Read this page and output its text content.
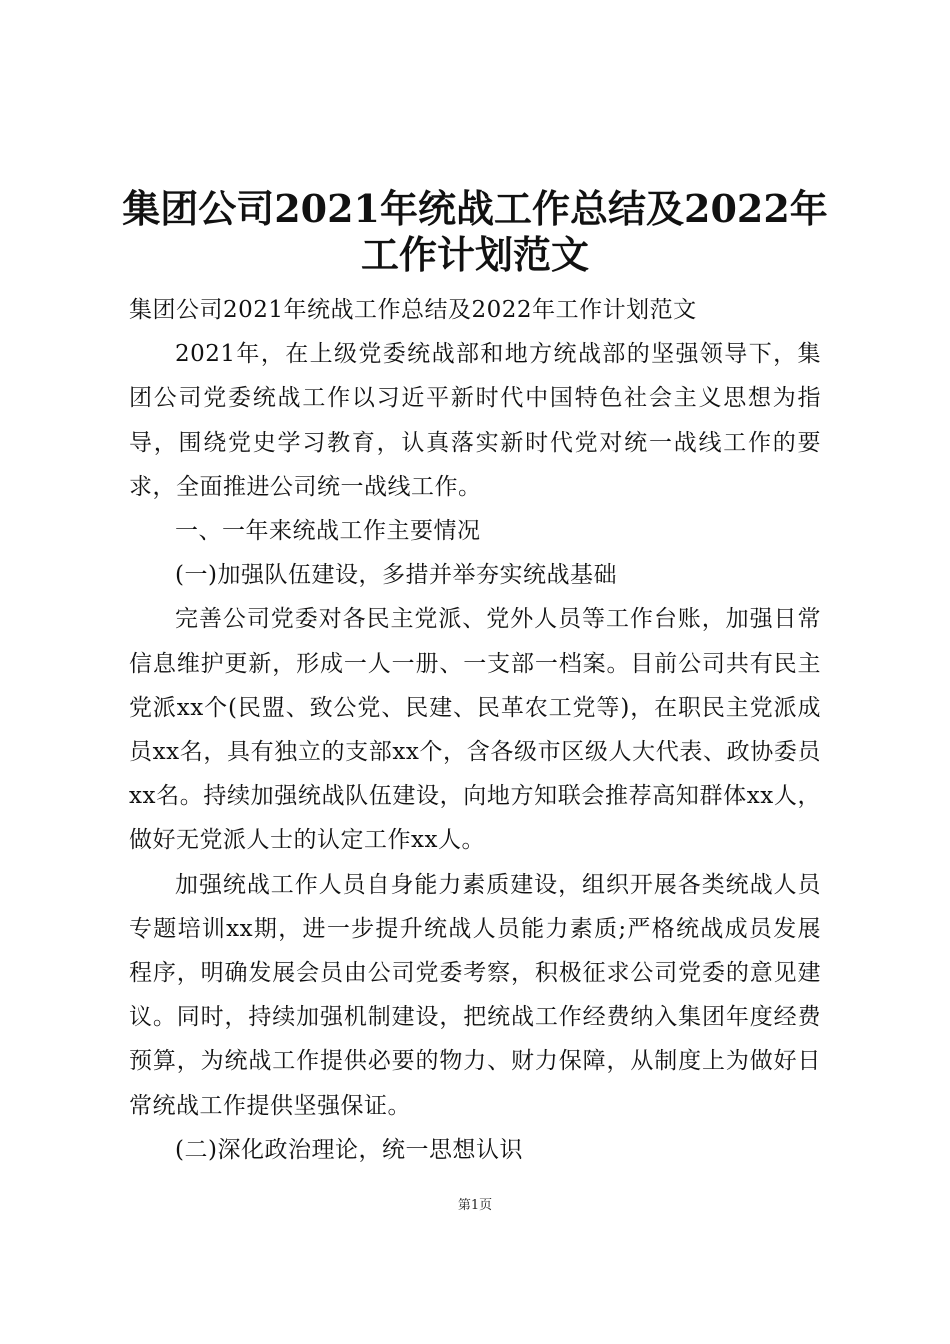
集团公司2021年统战工作总结及2022年工作计划范文

集团公司2021年统战工作总结及2022年工作计划范文

2021年，在上级党委统战部和地方统战部的坚强领导下，集团公司党委统战工作以习近平新时代中国特色社会主义思想为指导，围绕党史学习教育，认真落实新时代党对统一战线工作的要求，全面推进公司统一战线工作。

一、一年来统战工作主要情况

(一)加强队伍建设，多措并举夯实统战基础

完善公司党委对各民主党派、党外人员等工作台账，加强日常信息维护更新，形成一人一册、一支部一档案。目前公司共有民主党派xx个(民盟、致公党、民建、民革农工党等)，在职民主党派成员xx名，具有独立的支部xx个，含各级市区级人大代表、政协委员xx名。持续加强统战队伍建设，向地方知联会推荐高知群体xx人，做好无党派人士的认定工作xx人。

加强统战工作人员自身能力素质建设，组织开展各类统战人员专题培训xx期，进一步提升统战人员能力素质;严格统战成员发展程序，明确发展会员由公司党委考察，积极征求公司党委的意见建议。同时，持续加强机制建设，把统战工作经费纳入集团年度经费预算，为统战工作提供必要的物力、财力保障，从制度上为做好日常统战工作提供坚强保证。

(二)深化政治理论，统一思想认识

第1页
